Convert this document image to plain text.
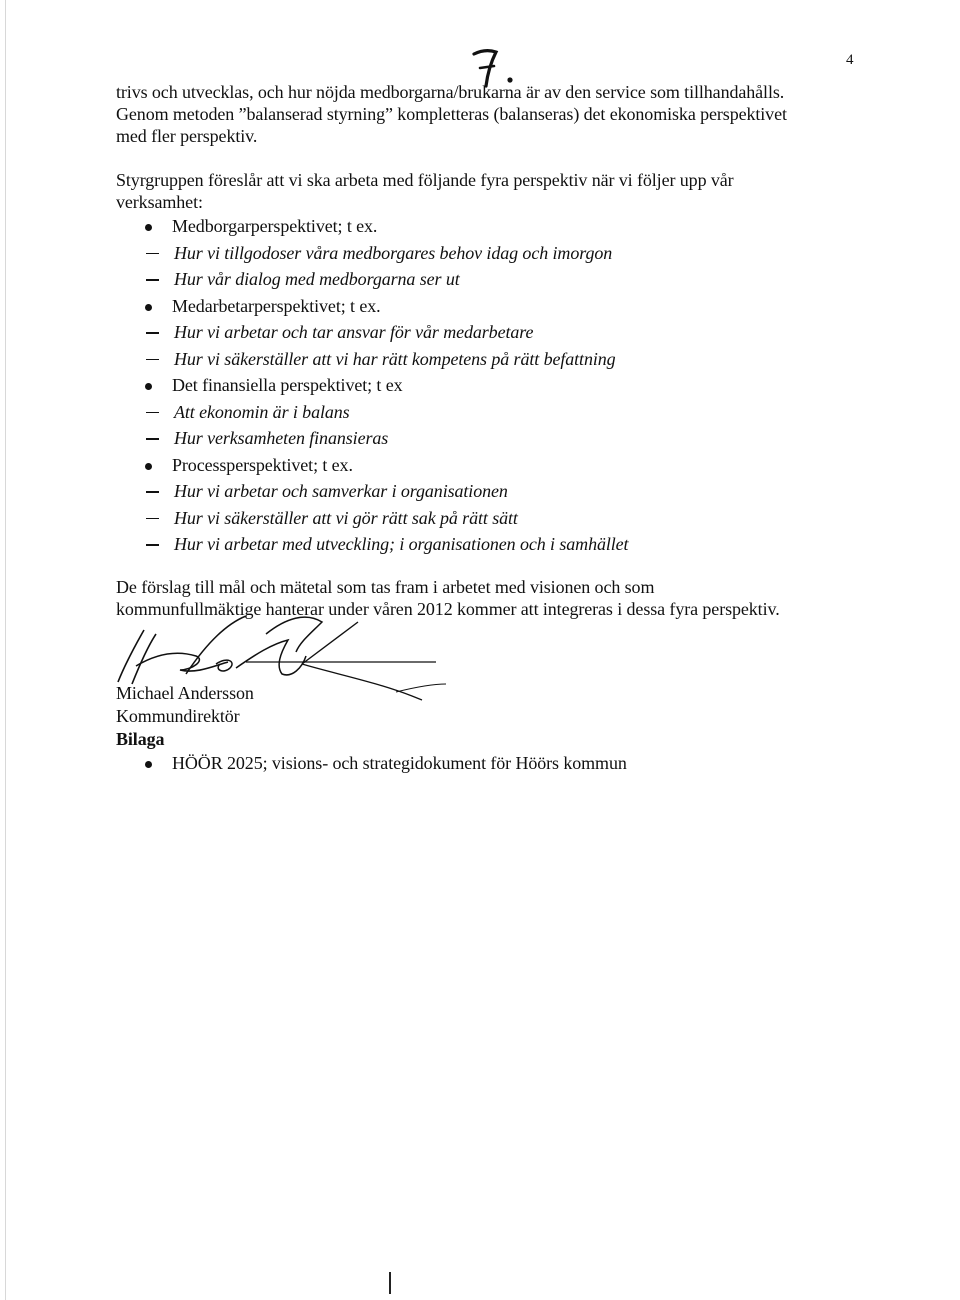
4

trivs och utvecklas, och hur nöjda medborgarna/brukarna är av den service som tillhandahålls.

Genom metoden ”balanserad styrning” kompletteras (balanseras) det ekonomiska perspektivet

med fler perspektiv.

Styrgruppen föreslår att vi ska arbeta med följande fyra perspektiv när vi följer upp vår

verksamhet:

Medborgarperspektivet; t ex.
Hur vi tillgodoser våra medborgares behov idag och imorgon
Hur vår dialog med medborgarna ser ut
Medarbetarperspektivet; t ex.
Hur vi arbetar och tar ansvar för vår medarbetare
Hur vi säkerställer att vi har rätt kompetens på rätt befattning
Det finansiella perspektivet; t ex
Att ekonomin är i balans
Hur verksamheten finansieras
Processperspektivet; t ex.
Hur vi arbetar och samverkar i organisationen
Hur vi säkerställer att vi gör rätt sak på rätt sätt
Hur vi arbetar med utveckling; i organisationen och i samhället

De förslag till mål och mätetal som tas fram i arbetet med visionen och som

kommunfullmäktige hanterar under våren 2012 kommer att integreras i dessa fyra perspektiv.

Michael Andersson

Kommundirektör

Bilaga

HÖÖR 2025; visions- och strategidokument för Höörs kommun
